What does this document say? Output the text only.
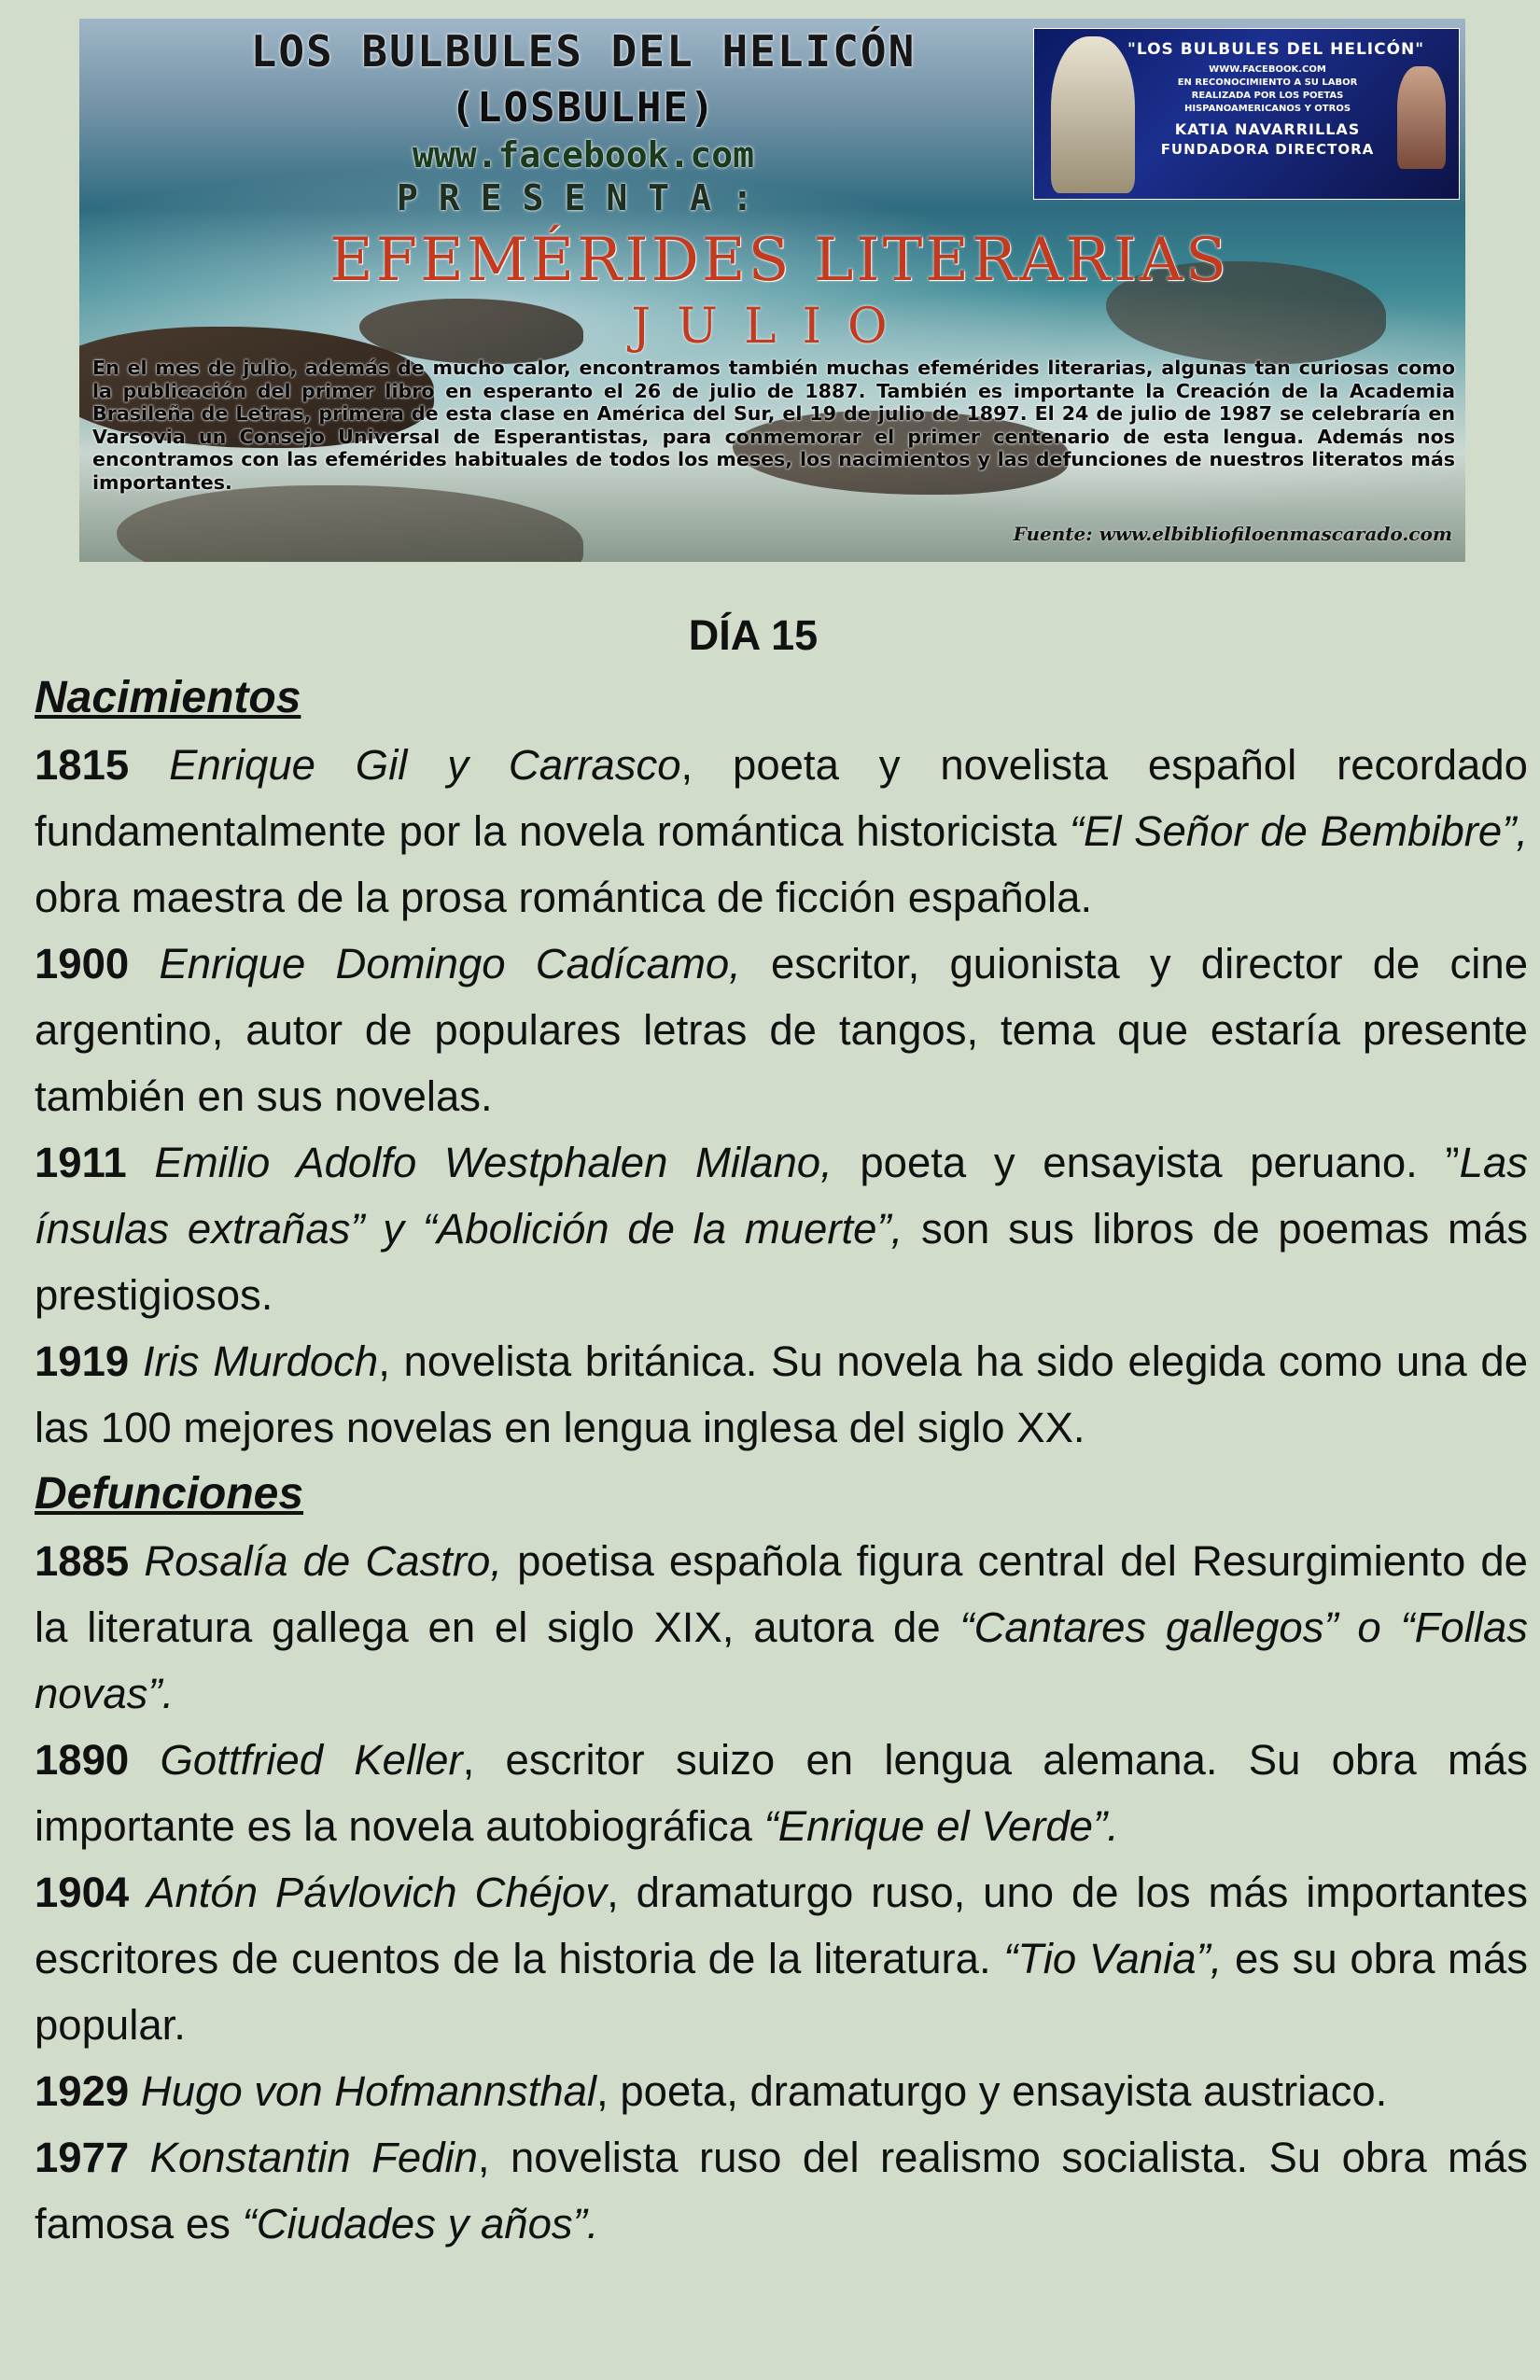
LOS BULBULES DEL HELICÓN
(LOSBULHE)
www.facebook.com
PRESENTA:
EFEMÉRIDES LITERARIAS
JULIO
"LOS BULBULES DEL HELICÓN"
WWW.FACEBOOK.COM
EN RECONOCIMIENTO A SU LABOR
REALIZADA POR LOS POETAS
HISPANOAMERICANOS Y OTROS
KATIA NAVARRILLAS
FUNDADORA DIRECTORA
En el mes de julio, además de mucho calor, encontramos también muchas efemérides literarias, algunas tan curiosas como la publicación del primer libro en esperanto el 26 de julio de 1887. También es importante la Creación de la Academia Brasileña de Letras, primera de esta clase en América del Sur, el 19 de julio de 1897. El 24 de julio de 1987 se celebraría en Varsovia un Consejo Universal de Esperantistas, para conmemorar el primer centenario de esta lengua. Además nos encontramos con las efemérides habituales de todos los meses, los nacimientos y las defunciones de nuestros literatos más importantes.
Fuente: www.elbibliofiloenmascarado.com
DÍA 15
Nacimientos

1815 Enrique Gil y Carrasco, poeta y novelista español recordado fundamentalmente por la novela romántica historicista “El Señor de Bembibre”, obra maestra de la prosa romántica de ficción española.

1900 Enrique Domingo Cadícamo, escritor, guionista y director de cine argentino, autor de populares letras de tangos, tema que estaría presente también en sus novelas.

1911 Emilio Adolfo Westphalen Milano, poeta y ensayista peruano. ”Las ínsulas extrañas” y “Abolición de la muerte”, son sus libros de poemas más prestigiosos.

1919 Iris Murdoch, novelista británica. Su novela ha sido elegida como una de las 100 mejores novelas en lengua inglesa del siglo XX.

Defunciones

1885 Rosalía de Castro, poetisa española figura central del Resurgimiento de la literatura gallega en el siglo XIX, autora de “Cantares gallegos” o “Follas novas”.

1890 Gottfried Keller, escritor suizo en lengua alemana. Su obra más importante es la novela autobiográfica “Enrique el Verde”.

1904 Antón Pávlovich Chéjov, dramaturgo ruso, uno de los más importantes escritores de cuentos de la historia de la literatura. “Tio Vania”, es su obra más popular.

1929 Hugo von Hofmannsthal, poeta, dramaturgo y ensayista austriaco.

1977 Konstantin Fedin, novelista ruso del realismo socialista. Su obra más famosa es “Ciudades y años”.
